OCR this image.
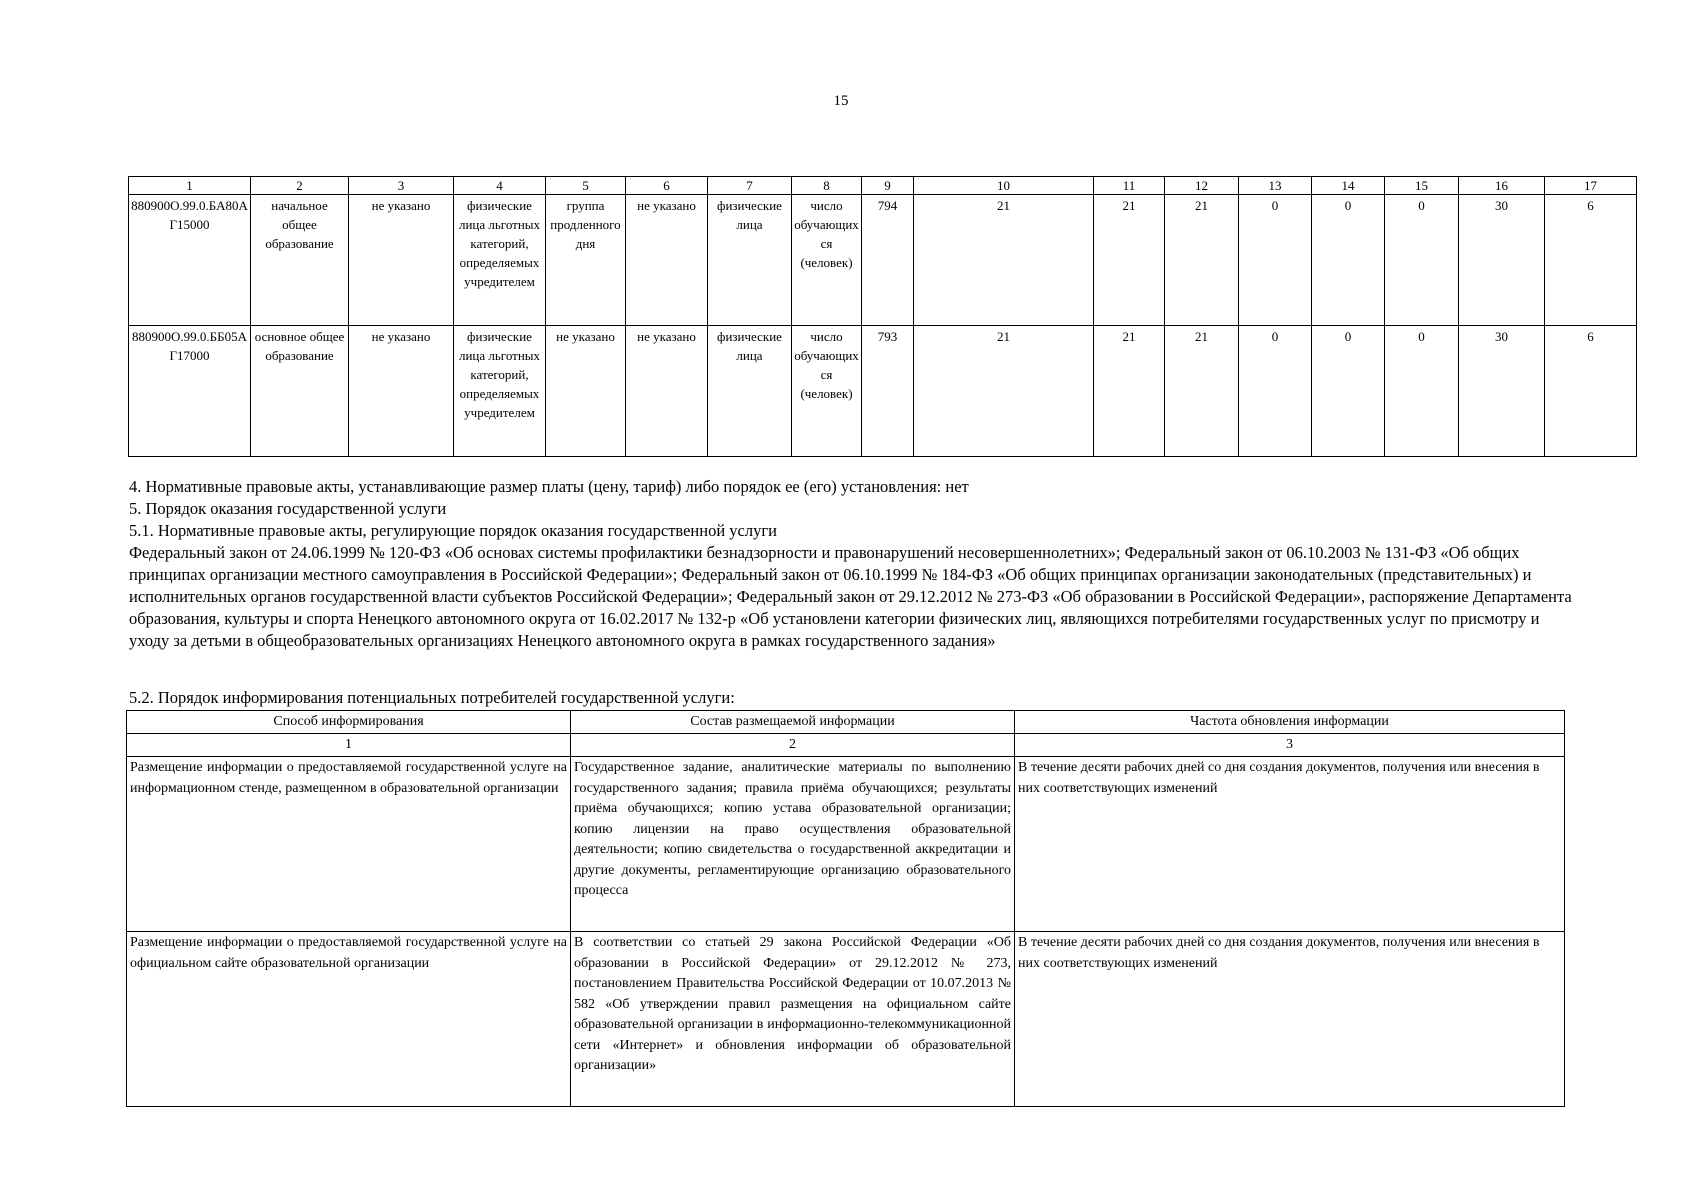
15
1	2	3	4	5	6	7	8	9	10	11	12	13	14	15	16	17
880900О.99.0.БА80АГ15000	начальное общее образование	не указано	физические лица льготных категорий, определяемых учредителем	группа продленного дня	не указано	физические лица	число обучающихся (человек)	794	21	21	21	0	0	0	30	6
880900О.99.0.ББ05АГ17000	основное общее образование	не указано	физические лица льготных категорий, определяемых учредителем	не указано	не указано	физические лица	число обучающихся (человек)	793	21	21	21	0	0	0	30	6

4. Нормативные правовые акты, устанавливающие размер платы (цену, тариф) либо порядок ее (его) установления: нет

5. Порядок оказания государственной услуги

5.1. Нормативные правовые акты, регулирующие порядок оказания государственной услуги

Федеральный закон от 24.06.1999 № 120-ФЗ «Об основах системы профилактики безнадзорности и правонарушений несовершеннолетних»; Федеральный закон от 06.10.2003 № 131-ФЗ «Об общих принципах организации местного самоуправления в Российской Федерации»; Федеральный закон от 06.10.1999 № 184-ФЗ «Об общих принципах организации законодательных (представительных) и исполнительных органов государственной власти субъектов Российской Федерации»; Федеральный закон от 29.12.2012 № 273-ФЗ «Об образовании в Российской Федерации», распоряжение Департамента образования, культуры и спорта Ненецкого автономного округа от 16.02.2017 № 132-р «Об установлени категории физических лиц, являющихся потребителями государственных услуг по присмотру и уходу за детьми в общеобразовательных организациях Ненецкого автономного округа в рамках государственного задания»

5.2. Порядок информирования потенциальных потребителей государственной услуги:
Способ информирования	Состав размещаемой информации	Частота обновления информации
1	2	3
Размещение информации о предоставляемой государственной услуге на информационном стенде, размещенном в образовательной организации	Государственное задание, аналитические материалы по выполнению государственного задания; правила приёма обучающихся; результаты приёма обучающихся; копию устава образовательной организации; копию лицензии на право осуществления образовательной деятельности; копию свидетельства о государственной аккредитации и другие документы, регламентирующие организацию образовательного процесса	В течение десяти рабочих дней со дня создания документов, получения или внесения в них соответствующих изменений
Размещение информации о предоставляемой государственной услуге на официальном сайте образовательной организации	В соответствии со статьей 29 закона Российской Федерации «Об образовании в Российской Федерации» от 29.12.2012 № 273, постановлением Правительства Российской Федерации от 10.07.2013 № 582 «Об утверждении правил размещения на официальном сайте образовательной организации в информационно-телекоммуникационной сети «Интернет» и обновления информации об образовательной организации»	В течение десяти рабочих дней со дня создания документов, получения или внесения в них соответствующих изменений
